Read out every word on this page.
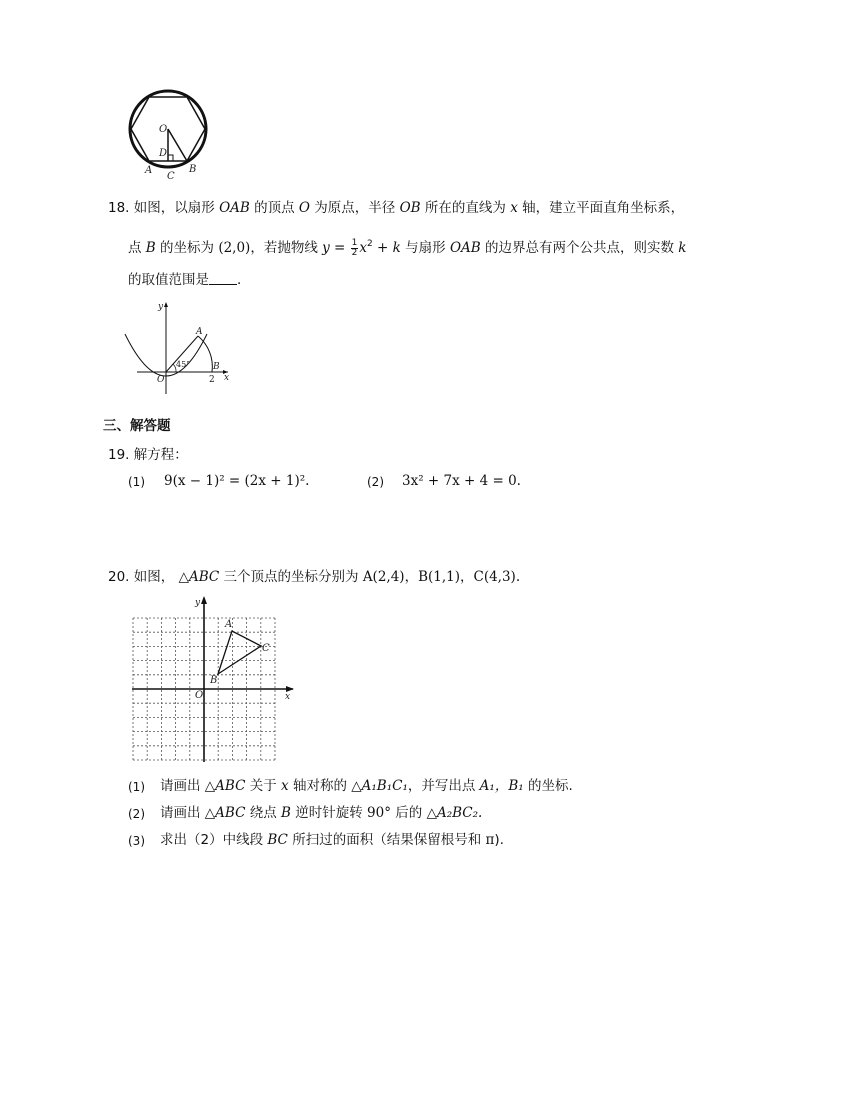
O
D
A	B
C
18. 如图，以扇形 OAB 的顶点 O 为原点，半径 OB 所在的直线为 x 轴，建立平面直角坐标系，
点 B 的坐标为 (2,0)，若抛物线 $y = \frac{1}{2} x^2 + k$ 与扇形 OAB 的边界总有两个公共点，则实数 k
的取值范围是 .
y
A
45°
O
B
2 x
三、解答题
19. 解方程：
(1) 9(x − 1)² = (2x + 1)².	(2) 3x² + 7x + 4 = 0.
20. 如图， △ABC 三个顶点的坐标分别为 A(2,4)，B(1,1)，C(4,3).
y
x
O
A
B
C
(1) 请画出 △ABC 关于 x 轴对称的 △A₁B₁C₁，并写出点 A₁，B₁ 的坐标.
(2) 请画出 △ABC 绕点 B 逆时针旋转 90° 后的 △A₂BC₂.
(3) 求出（2）中线段 BC 所扫过的面积（结果保留根号和 π).
